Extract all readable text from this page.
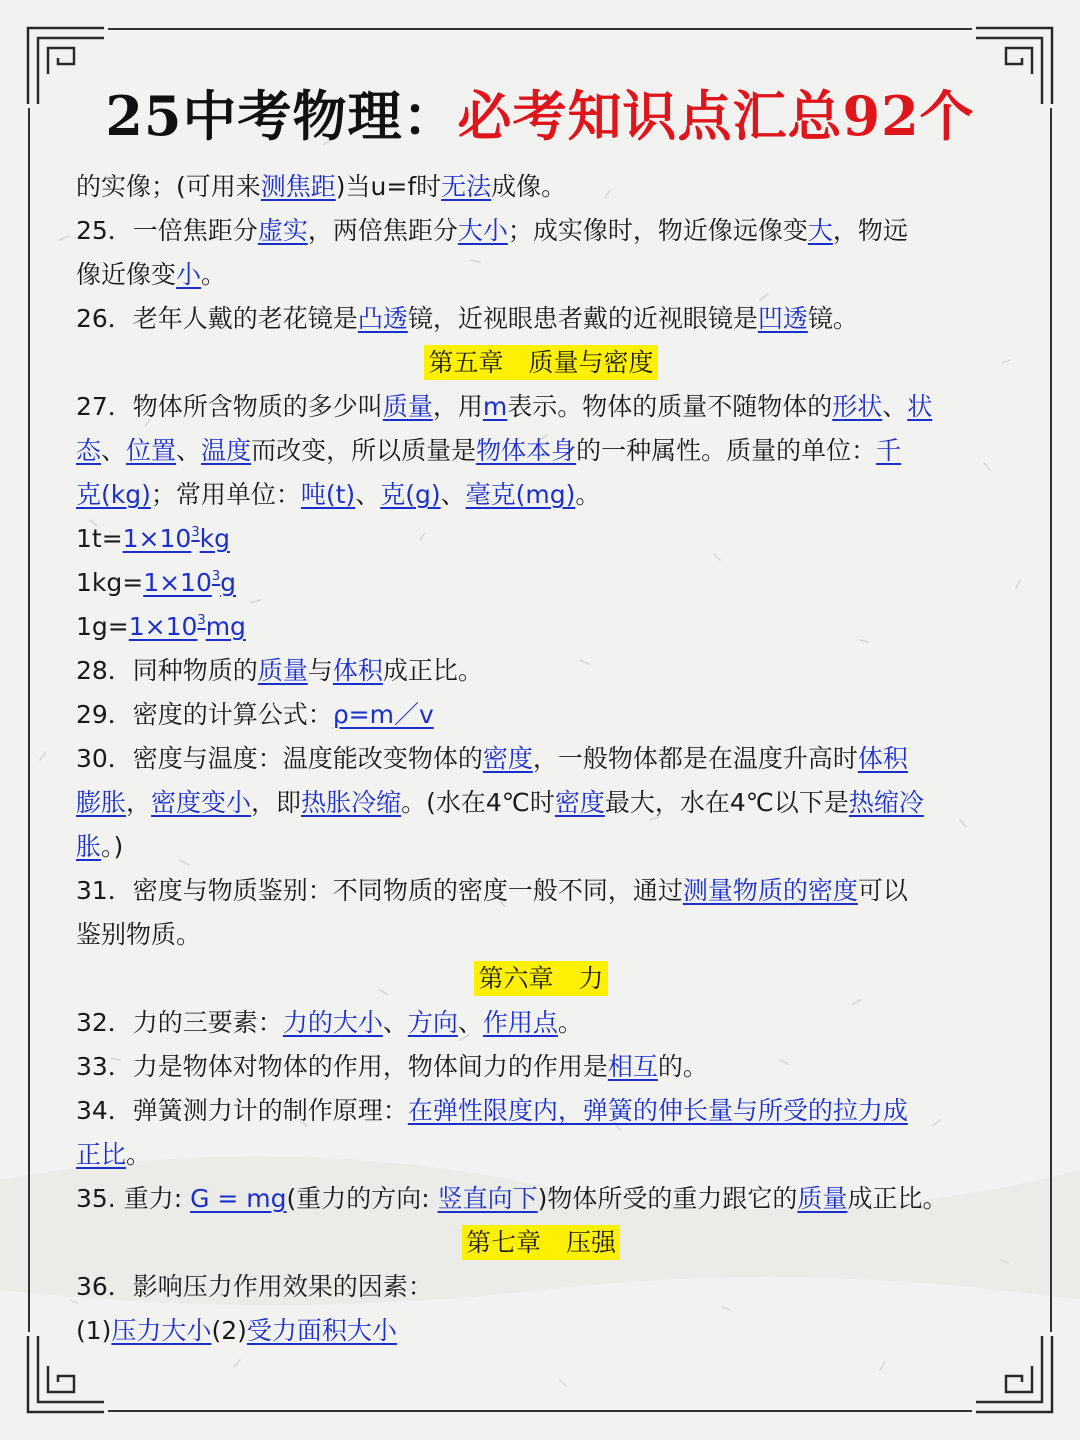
25中考物理：必考知识点汇总92个
的实像；(可用来测焦距)当u=f时无法成像。
25．一倍焦距分虚实，两倍焦距分大小；成实像时，物近像远像变大，物远
像近像变小。
26．老年人戴的老花镜是凸透镜，近视眼患者戴的近视眼镜是凹透镜。
第五章　质量与密度
27．物体所含物质的多少叫质量，用m表示。物体的质量不随物体的形状、状
态、位置、温度而改变，所以质量是物体本身的一种属性。质量的单位：千
克(kg)；常用单位：吨(t)、克(g)、毫克(mg)。
$1t=1\times 10^3kg$
$1kg=1\times 10^3g$
$1g=1\times 10^3mg$
28．同种物质的质量与体积成正比。
29．密度的计算公式：ρ=m／v
30．密度与温度：温度能改变物体的密度，一般物体都是在温度升高时体积
膨胀，密度变小，即热胀冷缩。(水在4℃时密度最大，水在4℃以下是热缩冷
胀。)
31．密度与物质鉴别：不同物质的密度一般不同，通过测量物质的密度可以
鉴别物质。
第六章　力
32．力的三要素：力的大小、方向、作用点。
33．力是物体对物体的作用，物体间力的作用是相互的。
34．弹簧测力计的制作原理：在弹性限度内，弹簧的伸长量与所受的拉力成
正比。
35. 重力: G = mg(重力的方向: 竖直向下)物体所受的重力跟它的质量成正比。
第七章　压强
36．影响压力作用效果的因素：
(1)压力大小(2)受力面积大小
